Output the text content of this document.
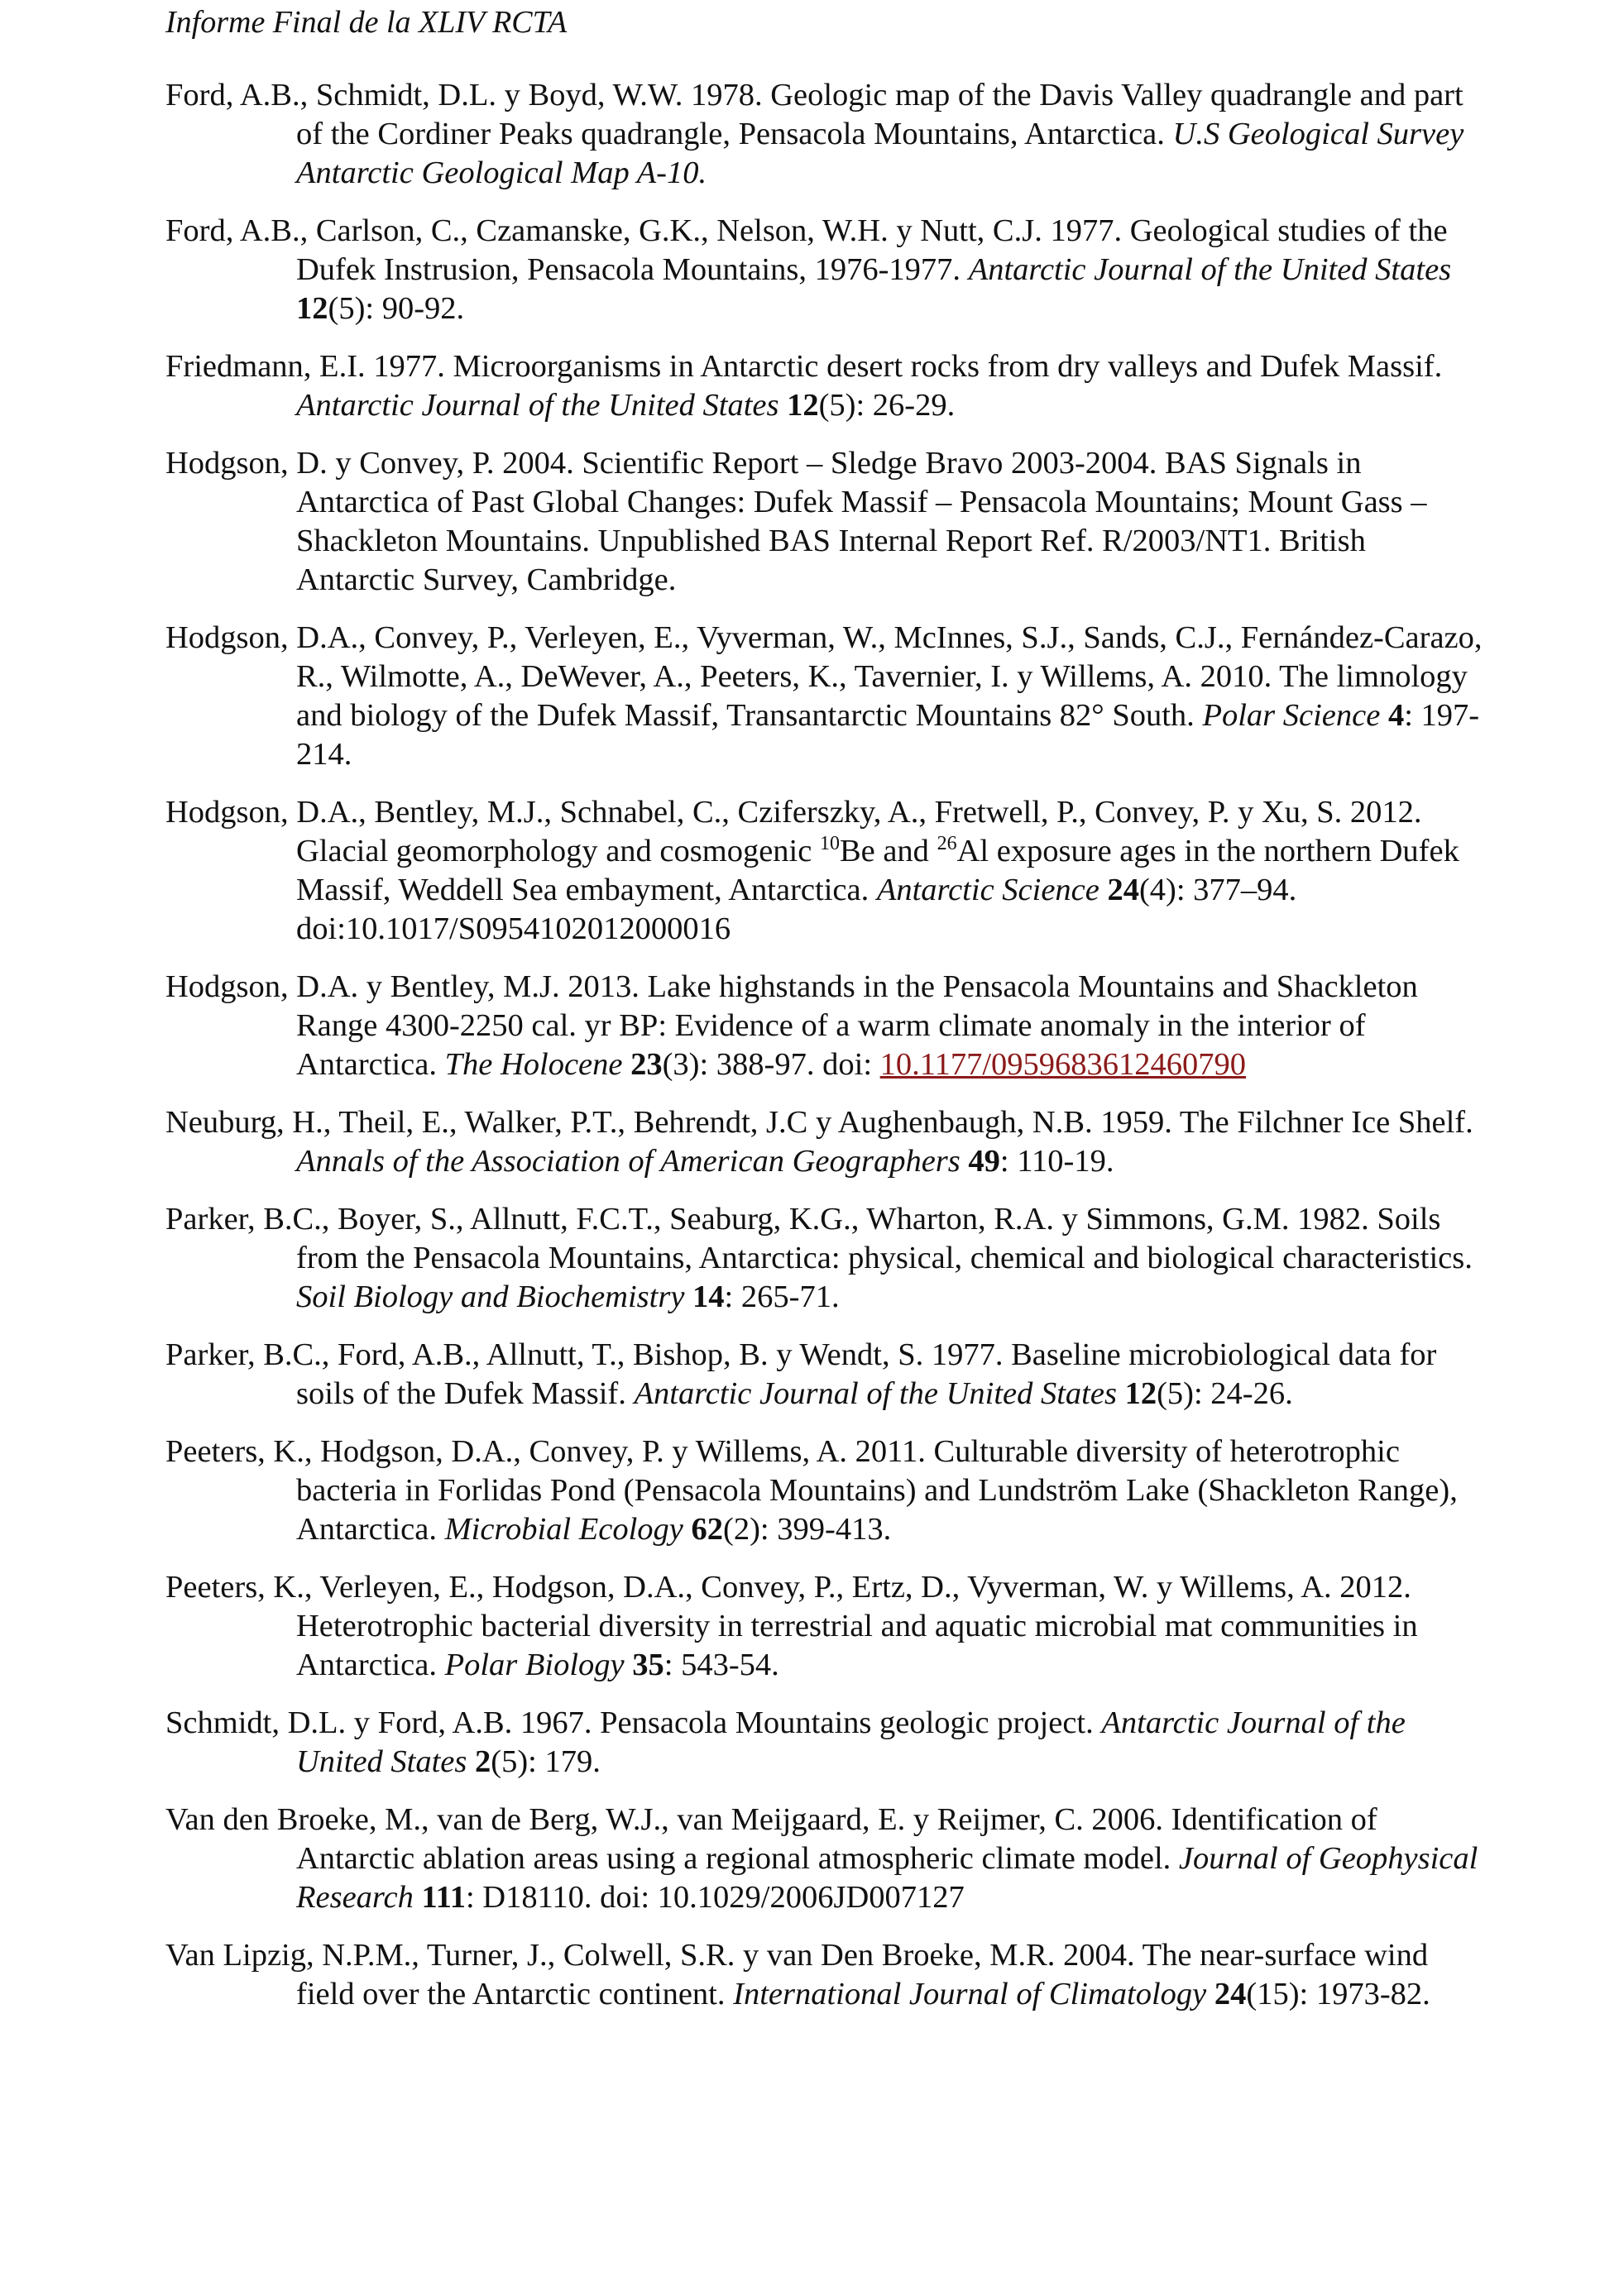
Informe Final de la XLIV RCTA

Ford, A.B., Schmidt, D.L. y Boyd, W.W. 1978. Geologic map of the Davis Valley quadrangle and part of the Cordiner Peaks quadrangle, Pensacola Mountains, Antarctica. U.S Geological Survey Antarctic Geological Map A-10.

Ford, A.B., Carlson, C., Czamanske, G.K., Nelson, W.H. y Nutt, C.J. 1977. Geological studies of the Dufek Instrusion, Pensacola Mountains, 1976-1977. Antarctic Journal of the United States 12(5): 90-92.

Friedmann, E.I. 1977. Microorganisms in Antarctic desert rocks from dry valleys and Dufek Massif. Antarctic Journal of the United States 12(5): 26-29.

Hodgson, D. y Convey, P. 2004. Scientific Report – Sledge Bravo 2003-2004. BAS Signals in Antarctica of Past Global Changes: Dufek Massif – Pensacola Mountains; Mount Gass – Shackleton Mountains. Unpublished BAS Internal Report Ref. R/2003/NT1. British Antarctic Survey, Cambridge.

Hodgson, D.A., Convey, P., Verleyen, E., Vyverman, W., McInnes, S.J., Sands, C.J., Fernández-Carazo, R., Wilmotte, A., DeWever, A., Peeters, K., Tavernier, I. y Willems, A. 2010. The limnology and biology of the Dufek Massif, Transantarctic Mountains 82° South. Polar Science 4: 197-214.

Hodgson, D.A., Bentley, M.J., Schnabel, C., Cziferszky, A., Fretwell, P., Convey, P. y Xu, S. 2012. Glacial geomorphology and cosmogenic $^{10}$Be and $^{26}$Al exposure ages in the northern Dufek Massif, Weddell Sea embayment, Antarctica. Antarctic Science 24(4): 377–94. doi:10.1017/S0954102012000016

Hodgson, D.A. y Bentley, M.J. 2013. Lake highstands in the Pensacola Mountains and Shackleton Range 4300-2250 cal. yr BP: Evidence of a warm climate anomaly in the interior of Antarctica. The Holocene 23(3): 388-97. doi: 10.1177/0959683612460790

Neuburg, H., Theil, E., Walker, P.T., Behrendt, J.C y Aughenbaugh, N.B. 1959. The Filchner Ice Shelf. Annals of the Association of American Geographers 49: 110-19.

Parker, B.C., Boyer, S., Allnutt, F.C.T., Seaburg, K.G., Wharton, R.A. y Simmons, G.M. 1982. Soils from the Pensacola Mountains, Antarctica: physical, chemical and biological characteristics. Soil Biology and Biochemistry 14: 265-71.

Parker, B.C., Ford, A.B., Allnutt, T., Bishop, B. y Wendt, S. 1977. Baseline microbiological data for soils of the Dufek Massif. Antarctic Journal of the United States 12(5): 24-26.

Peeters, K., Hodgson, D.A., Convey, P. y Willems, A. 2011. Culturable diversity of heterotrophic bacteria in Forlidas Pond (Pensacola Mountains) and Lundström Lake (Shackleton Range), Antarctica. Microbial Ecology 62(2): 399-413.

Peeters, K., Verleyen, E., Hodgson, D.A., Convey, P., Ertz, D., Vyverman, W. y Willems, A. 2012. Heterotrophic bacterial diversity in terrestrial and aquatic microbial mat communities in Antarctica. Polar Biology 35: 543-54.

Schmidt, D.L. y Ford, A.B. 1967. Pensacola Mountains geologic project. Antarctic Journal of the United States 2(5): 179.

Van den Broeke, M., van de Berg, W.J., van Meijgaard, E. y Reijmer, C. 2006. Identification of Antarctic ablation areas using a regional atmospheric climate model. Journal of Geophysical Research 111: D18110. doi: 10.1029/2006JD007127

Van Lipzig, N.P.M., Turner, J., Colwell, S.R. y van Den Broeke, M.R. 2004. The near-surface wind field over the Antarctic continent. International Journal of Climatology 24(15): 1973-82.
